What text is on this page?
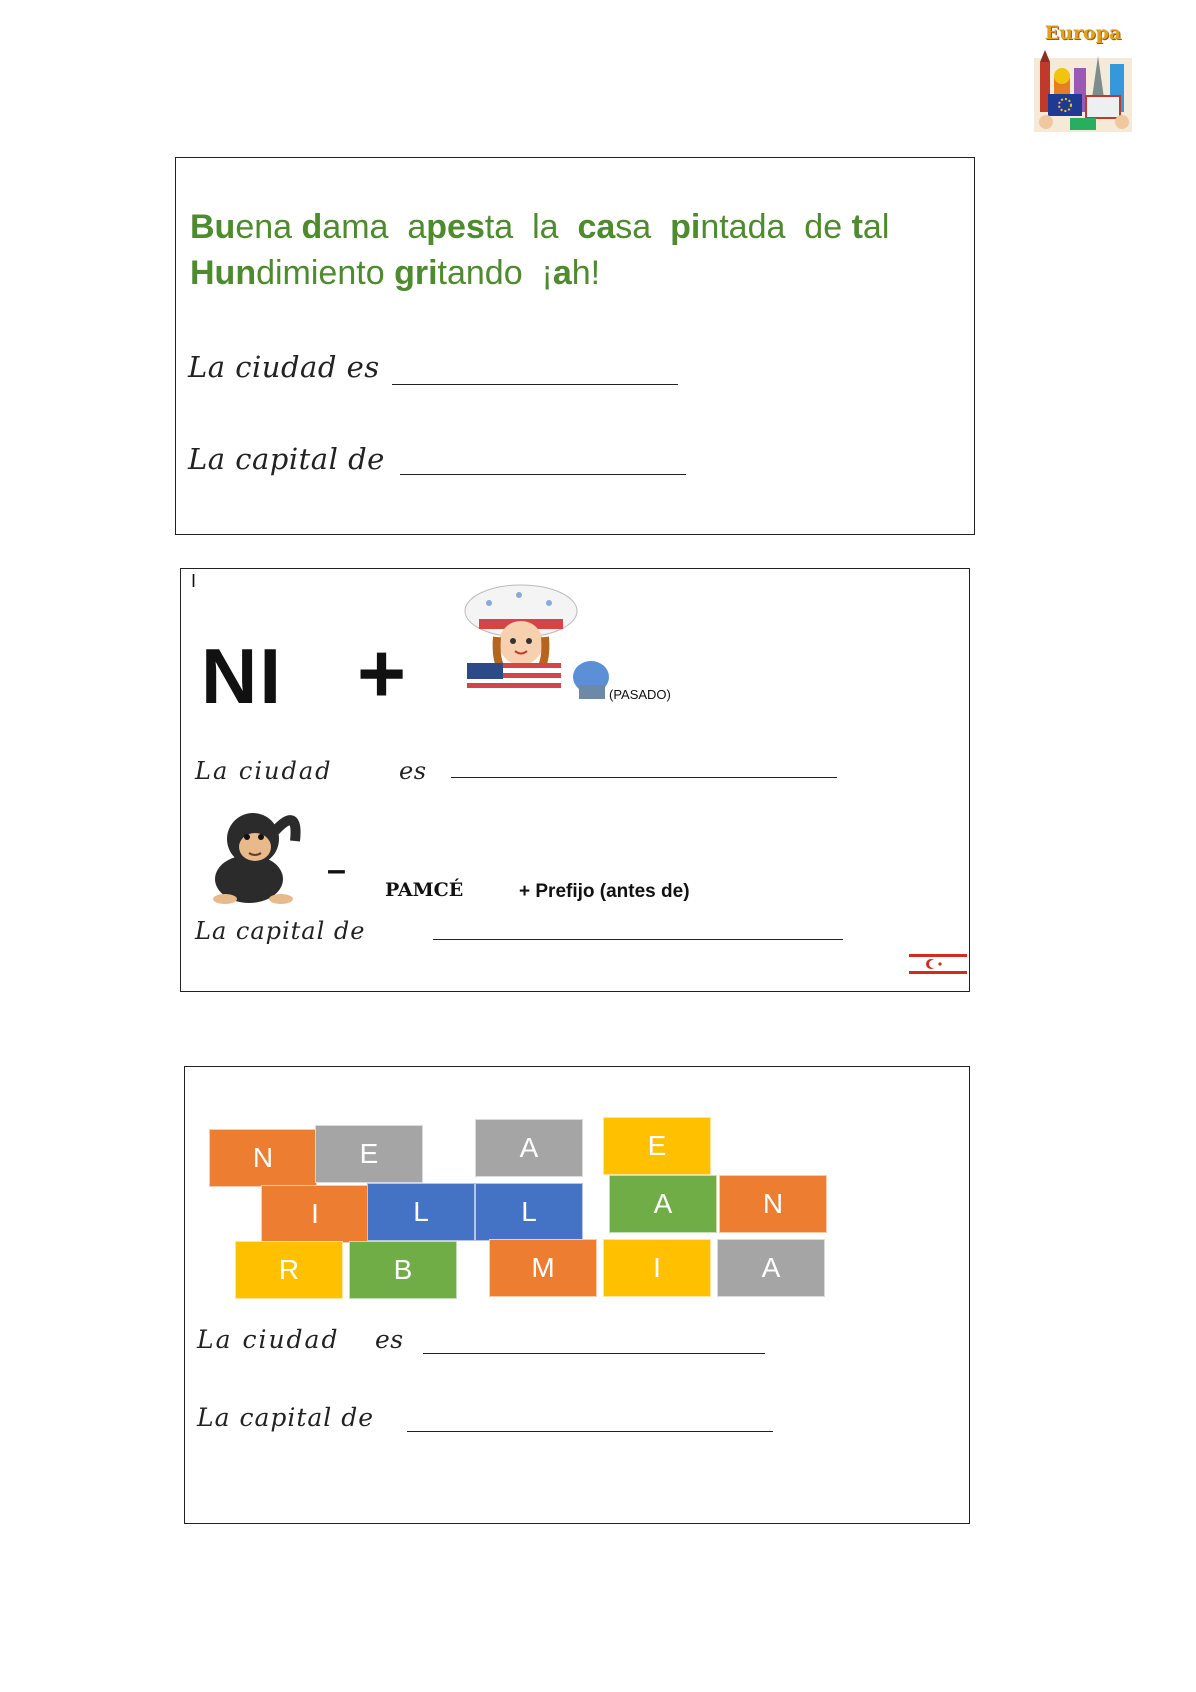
Europa
Buena dama  apesta  la  casa  pintada  de tal
Hundimiento gritando  ¡ah!
La ciudad es
La capital de
I
NI +	(PASADO)
La ciudad	es
–
PAMCÉ	+ Prefijo (antes de)
La capital de
N	E	A	E
I	L	L	A	N
R	B	M	I	A
La ciudad es
La capital de
